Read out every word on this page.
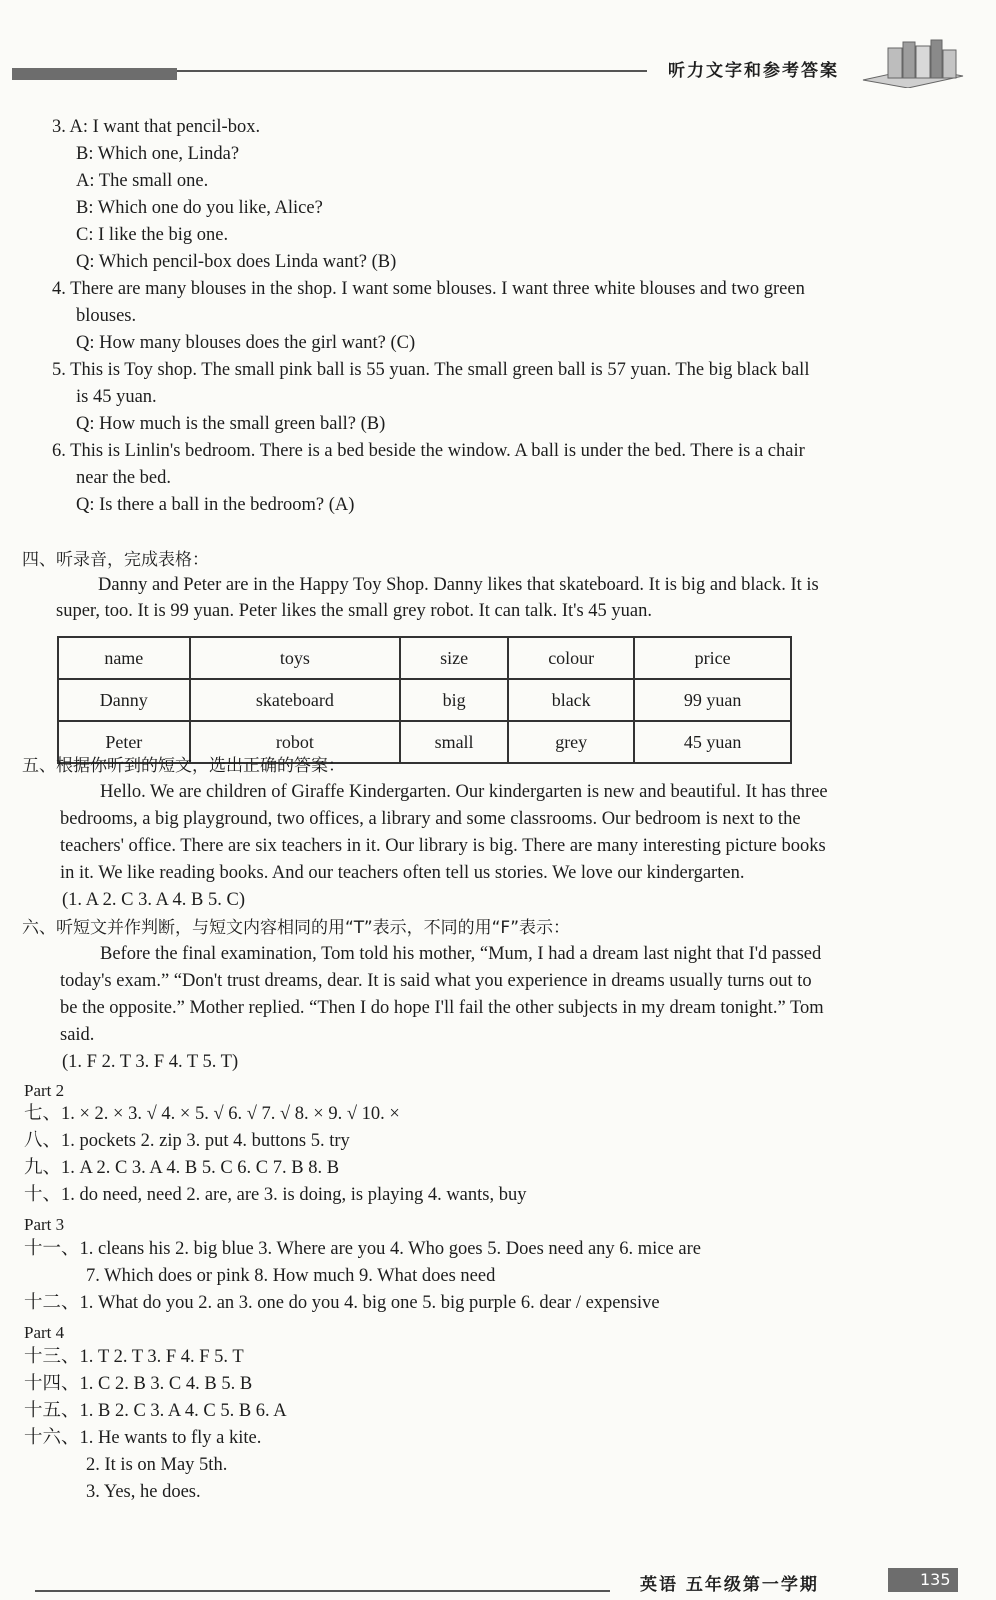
听力文字和参考答案
3. A: I want that pencil-box.
B: Which one, Linda?
A: The small one.
B: Which one do you like, Alice?
C: I like the big one.
Q: Which pencil-box does Linda want? (B)
4. There are many blouses in the shop. I want some blouses. I want three white blouses and two green
blouses.
Q: How many blouses does the girl want? (C)
5. This is Toy shop. The small pink ball is 55 yuan. The small green ball is 57 yuan. The big black ball
is 45 yuan.
Q: How much is the small green ball? (B)
6. This is Linlin's bedroom. There is a bed beside the window. A ball is under the bed. There is a chair
near the bed.
Q: Is there a ball in the bedroom? (A)
四、听录音，完成表格：
Danny and Peter are in the Happy Toy Shop. Danny likes that skateboard. It is big and black. It is
super, too. It is 99 yuan. Peter likes the small grey robot. It can talk. It's 45 yuan.
name	toys	size	colour	price
Danny	skateboard	big	black	99 yuan
Peter	robot	small	grey	45 yuan
五、根据你听到的短文，选出正确的答案：
Hello. We are children of Giraffe Kindergarten. Our kindergarten is new and beautiful. It has three
bedrooms, a big playground, two offices, a library and some classrooms. Our bedroom is next to the
teachers' office. There are six teachers in it. Our library is big. There are many interesting picture books
in it. We like reading books. And our teachers often tell us stories. We love our kindergarten.
(1. A 2. C 3. A 4. B 5. C)
六、听短文并作判断，与短文内容相同的用“T”表示，不同的用“F”表示：
Before the final examination, Tom told his mother, “Mum, I had a dream last night that I'd passed
today's exam.” “Don't trust dreams, dear. It is said what you experience in dreams usually turns out to
be the opposite.” Mother replied. “Then I do hope I'll fail the other subjects in my dream tonight.” Tom
said.
(1. F 2. T 3. F 4. T 5. T)
Part 2
七、1. × 2. × 3. √ 4. × 5. √ 6. √ 7. √ 8. × 9. √ 10. ×
八、1. pockets 2. zip 3. put 4. buttons 5. try
九、1. A 2. C 3. A 4. B 5. C 6. C 7. B 8. B
十、1. do need, need 2. are, are 3. is doing, is playing 4. wants, buy
Part 3
十一、1. cleans his 2. big blue 3. Where are you 4. Who goes 5. Does need any 6. mice are
7. Which does or pink 8. How much 9. What does need
十二、1. What do you 2. an 3. one do you 4. big one 5. big purple 6. dear / expensive
Part 4
十三、1. T 2. T 3. F 4. F 5. T
十四、1. C 2. B 3. C 4. B 5. B
十五、1. B 2. C 3. A 4. C 5. B 6. A
十六、1. He wants to fly a kite.
2. It is on May 5th.
3. Yes, he does.
英语 五年级第一学期	135
